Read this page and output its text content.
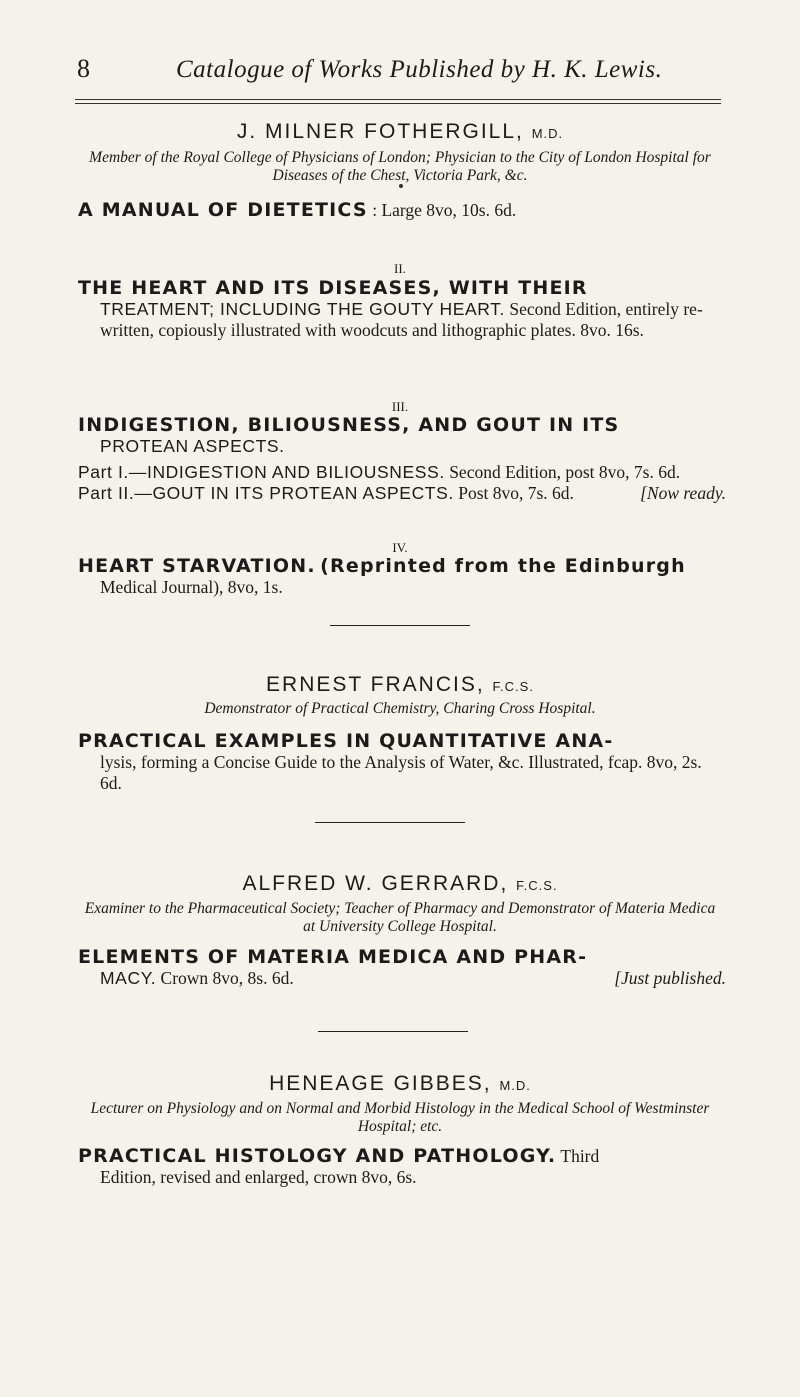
8	Catalogue of Works Published by H. K. Lewis.
J. MILNER FOTHERGILL, M.D.
Member of the Royal College of Physicians of London; Physician to the City of London Hospital for Diseases of the Chest, Victoria Park, &c.
A MANUAL OF DIETETICS : Large 8vo, 10s. 6d.
II.
THE HEART AND ITS DISEASES, WITH THEIR
TREATMENT; INCLUDING THE GOUTY HEART. Second Edition, entirely re-written, copiously illustrated with woodcuts and lithographic plates. 8vo. 16s.
III.
INDIGESTION, BILIOUSNESS, AND GOUT IN ITS
PROTEAN ASPECTS.
Part I.—INDIGESTION AND BILIOUSNESS. Second Edition, post 8vo, 7s. 6d.
[Now ready.
Part II.—GOUT IN ITS PROTEAN ASPECTS. Post 8vo, 7s. 6d.
IV.
HEART STARVATION. (Reprinted from the Edinburgh
Medical Journal), 8vo, 1s.
ERNEST FRANCIS, F.C.S.
Demonstrator of Practical Chemistry, Charing Cross Hospital.
PRACTICAL EXAMPLES IN QUANTITATIVE ANA-
lysis, forming a Concise Guide to the Analysis of Water, &c. Illustrated, fcap. 8vo, 2s. 6d.
ALFRED W. GERRARD, F.C.S.
Examiner to the Pharmaceutical Society; Teacher of Pharmacy and Demonstrator of Materia Medica at University College Hospital.
ELEMENTS OF MATERIA MEDICA AND PHAR-
MACY. Crown 8vo, 8s. 6d.	[Just published.
HENEAGE GIBBES, M.D.
Lecturer on Physiology and on Normal and Morbid Histology in the Medical School of Westminster Hospital; etc.
PRACTICAL HISTOLOGY AND PATHOLOGY. Third
Edition, revised and enlarged, crown 8vo, 6s.
